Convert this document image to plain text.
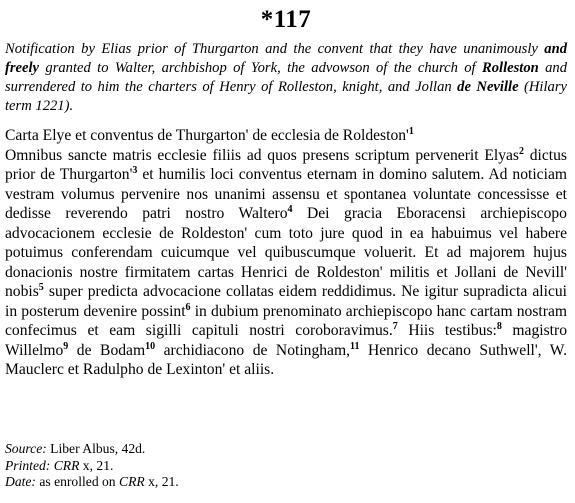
*117

Notification by Elias prior of Thurgarton and the convent that they have unanimously and freely granted to Walter, archbishop of York, the advowson of the church of Rolleston and surrendered to him the charters of Henry of Rolleston, knight, and Jollan de Neville (Hilary term 1221).

Carta Elye et conventus de Thurgarton' de ecclesia de $Roldeston'^1$

Omnibus sancte matris ecclesie filiis ad quos presens scriptum pervenerit Elyas$^2$ dictus prior de $Thurgarton'^3$ et humilis loci conventus eternam in domino salutem. Ad noticiam vestram volumus pervenire nos unanimi assensu et spontanea voluntate concessisse et dedisse reverendo patri nostro Waltero$^4$ Dei gracia Eboracensi archiepiscopo advocacionem ecclesie de Roldeston' cum toto jure quod in ea habuimus vel habere potuimus conferendam cuicumque vel quibuscumque voluerit. Et ad majorem hujus donacionis nostre firmitatem cartas Henrici de Roldeston' militis et Jollani de Nevill' nobis$^5$ super predicta advocacione collatas eidem reddidimus. Ne igitur supradicta alicui in posterum devenire possint$^6$ in dubium prenominato archiepiscopo hanc cartam nostram confecimus et eam sigilli capituli nostri coroboravimus.$^7$ Hiis testibus:$^8$ magistro Willelmo$^9$ de Bodam$^{10}$ archidiacono de Notingham,$^{11}$ Henrico decano Suthwell', W. Mauclerc et Radulpho de Lexinton' et aliis.

Source: Liber Albus, 42d.
Printed: CRR x, 21.
Date: as enrolled on CRR x, 21.
